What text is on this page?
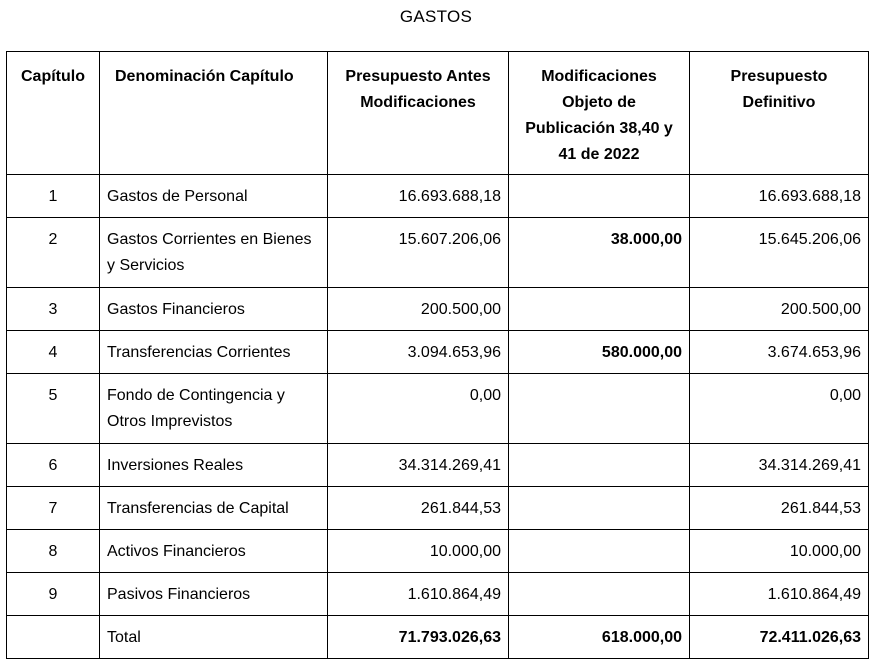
GASTOS
Capítulo	Denominación Capítulo	Presupuesto Antes Modificaciones	Modificaciones Objeto de Publicación 38,40 y 41 de 2022	Presupuesto Definitivo
1	Gastos de Personal	16.693.688,18		16.693.688,18
2	Gastos Corrientes en Bienes y Servicios	15.607.206,06	38.000,00	15.645.206,06
3	Gastos Financieros	200.500,00		200.500,00
4	Transferencias Corrientes	3.094.653,96	580.000,00	3.674.653,96
5	Fondo de Contingencia y Otros Imprevistos	0,00		0,00
6	Inversiones Reales	34.314.269,41		34.314.269,41
7	Transferencias de Capital	261.844,53		261.844,53
8	Activos Financieros	10.000,00		10.000,00
9	Pasivos Financieros	1.610.864,49		1.610.864,49
	Total	71.793.026,63	618.000,00	72.411.026,63
